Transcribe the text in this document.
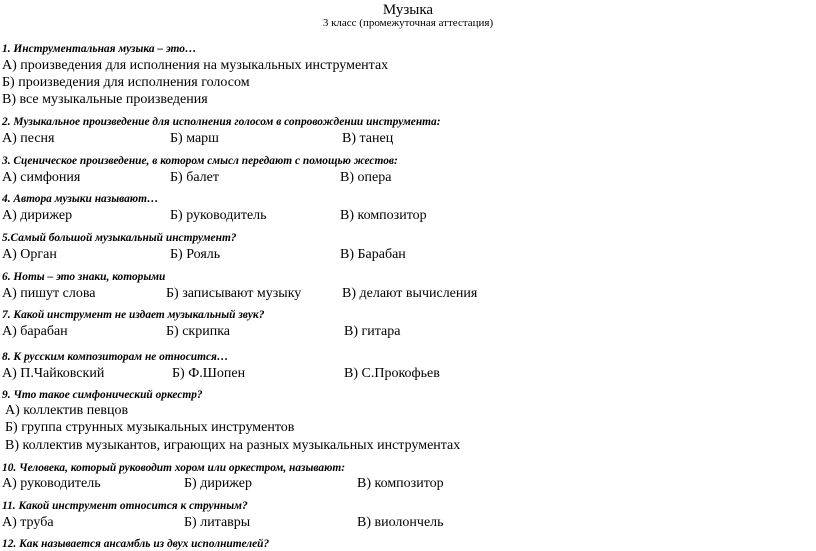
Музыка
3 класс (промежуточная аттестация)
1. Инструментальная музыка – это…
А) произведения для исполнения на музыкальных инструментах
Б) произведения для исполнения голосом
В) все музыкальные произведения
2. Музыкальное произведение для исполнения голосом в сопровождении инструмента:
А) песня	Б) марш	В) танец
3. Сценическое произведение, в котором смысл передают с помощью жестов:
А) симфония	Б) балет	В) опера
4. Автора музыки называют…
А) дирижер	Б) руководитель	В) композитор
5.Самый большой музыкальный инструмент?
А) Орган	Б) Рояль	В) Барабан
6. Ноты – это знаки, которыми
А) пишут слова	Б) записывают музыку	В) делают вычисления
7. Какой инструмент не издает музыкальный звук?
А) барабан	Б) скрипка	В) гитара
8. К русским композиторам не относится…
А) П.Чайковский	Б) Ф.Шопен	В) С.Прокофьев
9. Что такое симфонический оркестр?
А) коллектив певцов
Б) группа струнных музыкальных инструментов
В) коллектив музыкантов, играющих на разных музыкальных инструментах
10. Человека, который руководит хором или оркестром, называют:
А) руководитель	Б) дирижер	В) композитор
11. Какой инструмент относится к струнным?
А) труба	Б) литавры	В) виолончель
12. Как называется ансамбль из двух исполнителей?
